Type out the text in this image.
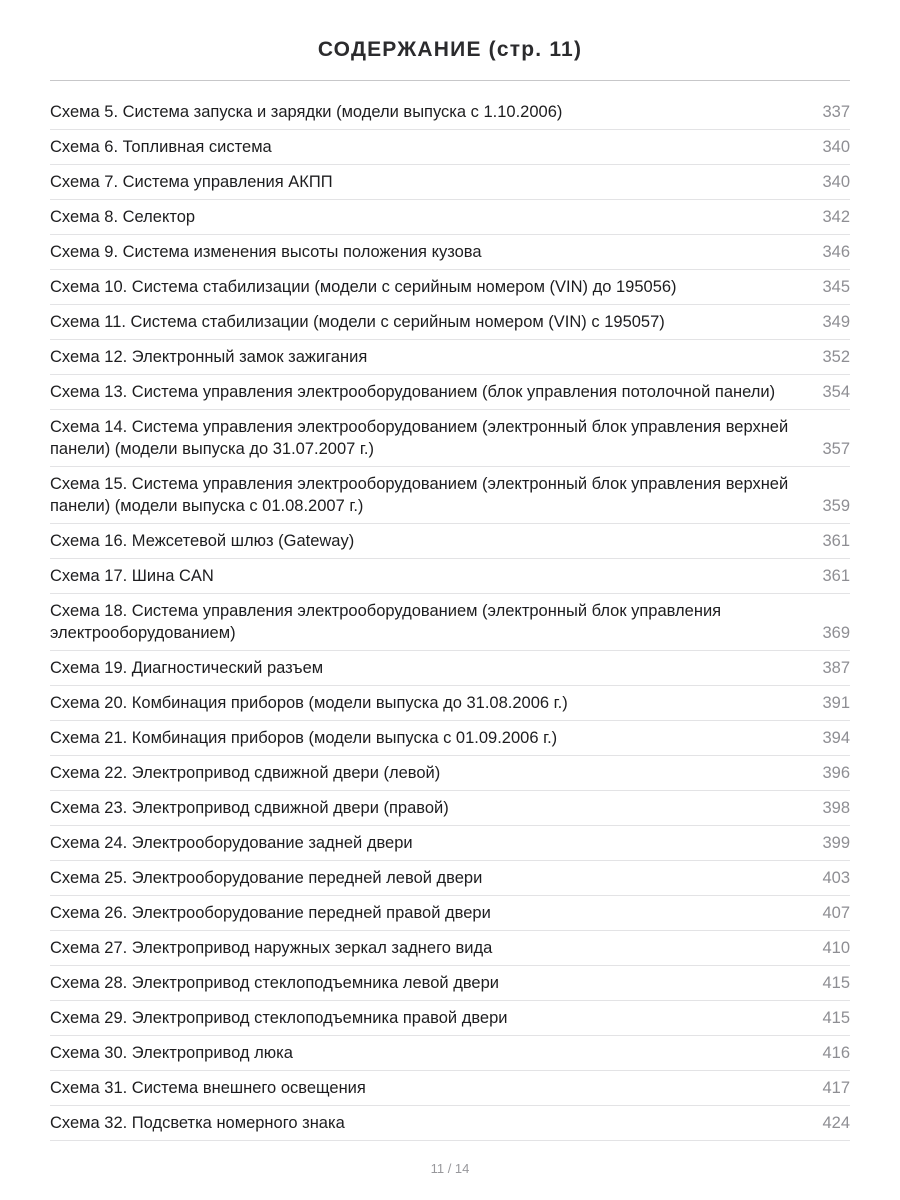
СОДЕРЖАНИЕ (стр. 11)
Схема 5. Система запуска и зарядки (модели выпуска с 1.10.2006)	337
Схема 6. Топливная система	340
Схема 7. Система управления АКПП	340
Схема 8. Селектор	342
Схема 9. Система изменения высоты положения кузова	346
Схема 10. Система стабилизации (модели с серийным номером (VIN) до 195056)	345
Схема 11. Система стабилизации (модели с серийным номером (VIN) с 195057)	349
Схема 12. Электронный замок зажигания	352
Схема 13. Система управления электрооборудованием (блок управления потолочной панели)	354
Схема 14. Система управления электрооборудованием (электронный блок управления верхней панели) (модели выпуска до 31.07.2007 г.)	357
Схема 15. Система управления электрооборудованием (электронный блок управления верхней панели) (модели выпуска с 01.08.2007 г.)	359
Схема 16. Межсетевой шлюз (Gateway)	361
Схема 17. Шина CAN	361
Схема 18. Система управления электрооборудованием (электронный блок управления электрооборудованием)	369
Схема 19. Диагностический разъем	387
Схема 20. Комбинация приборов (модели выпуска до 31.08.2006 г.)	391
Схема 21. Комбинация приборов (модели выпуска с 01.09.2006 г.)	394
Схема 22. Электропривод сдвижной двери (левой)	396
Схема 23. Электропривод сдвижной двери (правой)	398
Схема 24. Электрооборудование задней двери	399
Схема 25. Электрооборудование передней левой двери	403
Схема 26. Электрооборудование передней правой двери	407
Схема 27. Электропривод наружных зеркал заднего вида	410
Схема 28. Электропривод стеклоподъемника левой двери	415
Схема 29. Электропривод стеклоподъемника правой двери	415
Схема 30. Электропривод люка	416
Схема 31. Система внешнего освещения	417
Схема 32. Подсветка номерного знака	424
11 / 14
